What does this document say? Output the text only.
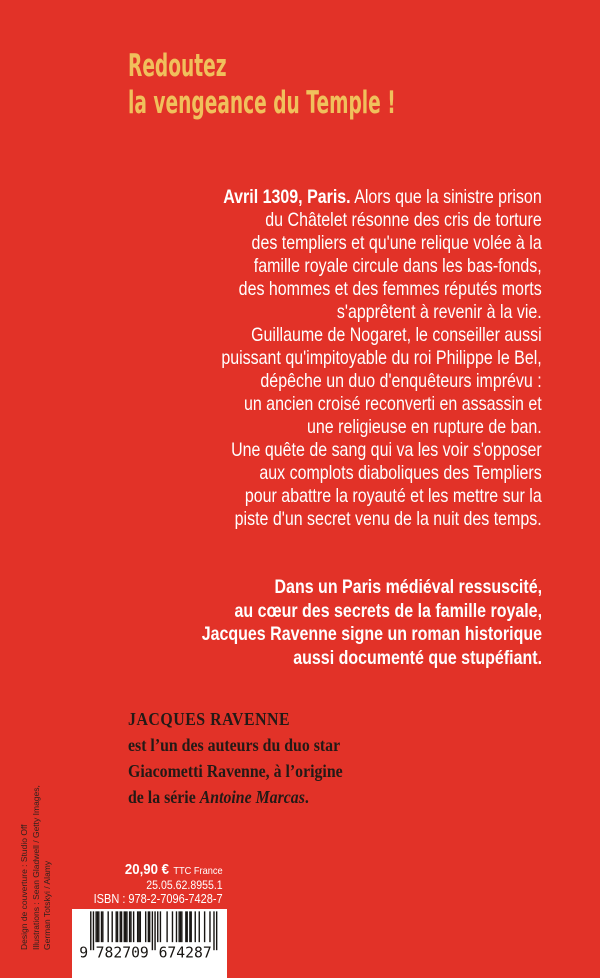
Redoutez
la vengeance du Temple !
Avril 1309, Paris. Alors que la sinistre prison
du Châtelet résonne des cris de torture
des templiers et qu'une relique volée à la
famille royale circule dans les bas-fonds,
des hommes et des femmes réputés morts
s'apprêtent à revenir à la vie.
Guillaume de Nogaret, le conseiller aussi
puissant qu'impitoyable du roi Philippe le Bel,
dépêche un duo d'enquêteurs imprévu :
un ancien croisé reconverti en assassin et
une religieuse en rupture de ban.
Une quête de sang qui va les voir s'opposer
aux complots diaboliques des Templiers
pour abattre la royauté et les mettre sur la
piste d'un secret venu de la nuit des temps.
Dans un Paris médiéval ressuscité,
au cœur des secrets de la famille royale,
Jacques Ravenne signe un roman historique
aussi documenté que stupéfiant.
JACQUES RAVENNE
est l’un des auteurs du duo star
Giacometti Ravenne, à l’origine
de la série Antoine Marcas.
20,90 € TTC France
25.05.62.8955.1
ISBN : 978-2-7096-7428-7
9 782709 674287
Design de couverture : Studio Off Illustrations : Sean Gladwell / Getty Images, German Totskyi / Alamy
